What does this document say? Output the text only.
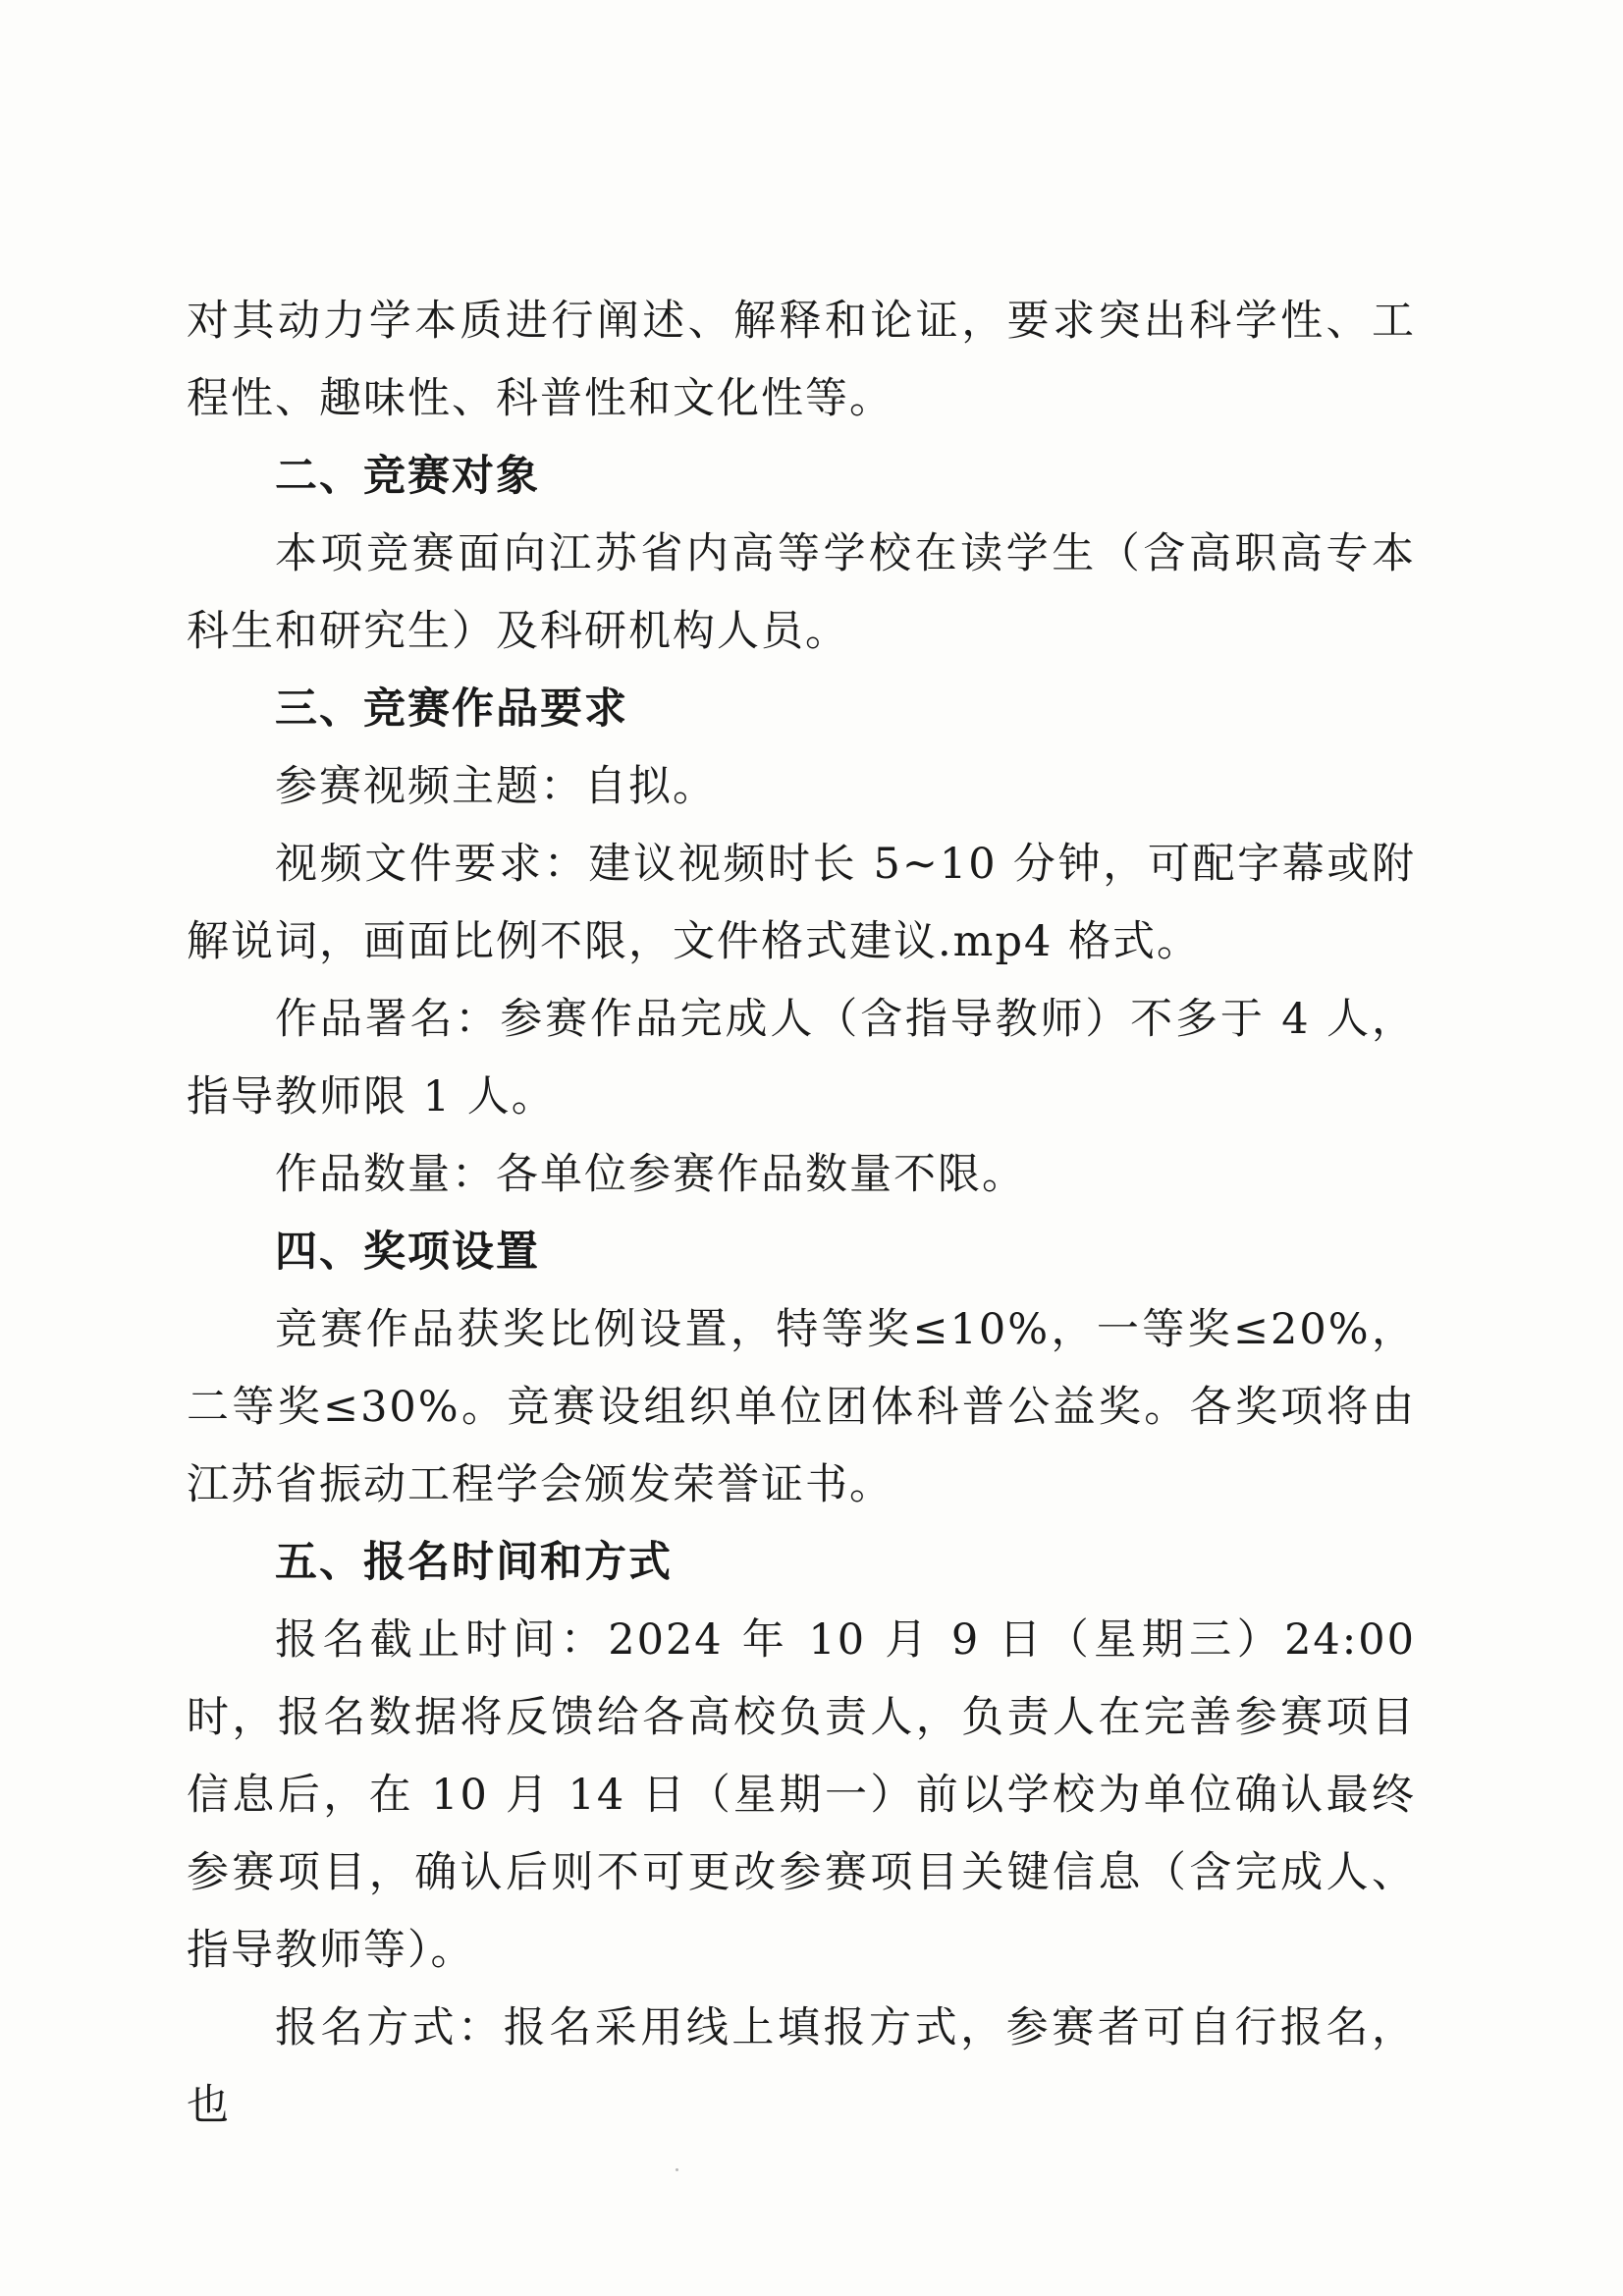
对其动力学本质进行阐述、解释和论证，要求突出科学性、工程性、趣味性、科普性和文化性等。

二、竞赛对象

本项竞赛面向江苏省内高等学校在读学生（含高职高专本科生和研究生）及科研机构人员。

三、竞赛作品要求

参赛视频主题：自拟。

视频文件要求：建议视频时长 5~10 分钟，可配字幕或附解说词，画面比例不限，文件格式建议.mp4 格式。

作品署名：参赛作品完成人（含指导教师）不多于 4 人，指导教师限 1 人。

作品数量：各单位参赛作品数量不限。

四、奖项设置

竞赛作品获奖比例设置，特等奖≤10%，一等奖≤20%，二等奖≤30%。竞赛设组织单位团体科普公益奖。各奖项将由江苏省振动工程学会颁发荣誉证书。

五、报名时间和方式

报名截止时间：2024 年 10 月 9 日（星期三）24:00 时，报名数据将反馈给各高校负责人，负责人在完善参赛项目信息后，在 10 月 14 日（星期一）前以学校为单位确认最终参赛项目，确认后则不可更改参赛项目关键信息（含完成人、指导教师等）。

报名方式：报名采用线上填报方式，参赛者可自行报名，也
